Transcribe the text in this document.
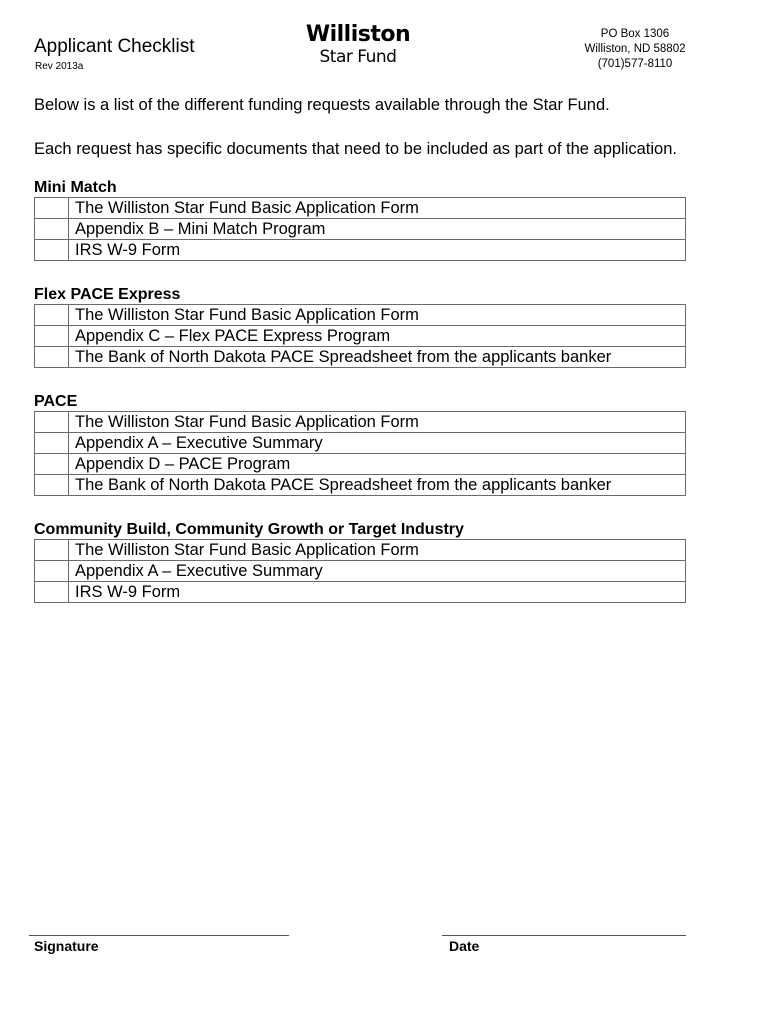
Applicant Checklist
Rev 2013a
Williston
Star Fund
PO Box 1306
Williston, ND 58802
(701)577-8110
Below is a list of the different funding requests available through the Star Fund.
Each request has specific documents that need to be included as part of the application.
Mini Match
	The Williston Star Fund Basic Application Form
	Appendix B – Mini Match Program
	IRS W-9 Form
Flex PACE Express
	The Williston Star Fund Basic Application Form
	Appendix C – Flex PACE Express Program
	The Bank of North Dakota PACE Spreadsheet from the applicants banker
PACE
	The Williston Star Fund Basic Application Form
	Appendix A – Executive Summary
	Appendix D – PACE Program
	The Bank of North Dakota PACE Spreadsheet from the applicants banker
Community Build, Community Growth or Target Industry
	The Williston Star Fund Basic Application Form
	Appendix A – Executive Summary
	IRS W-9 Form
Signature	Date
